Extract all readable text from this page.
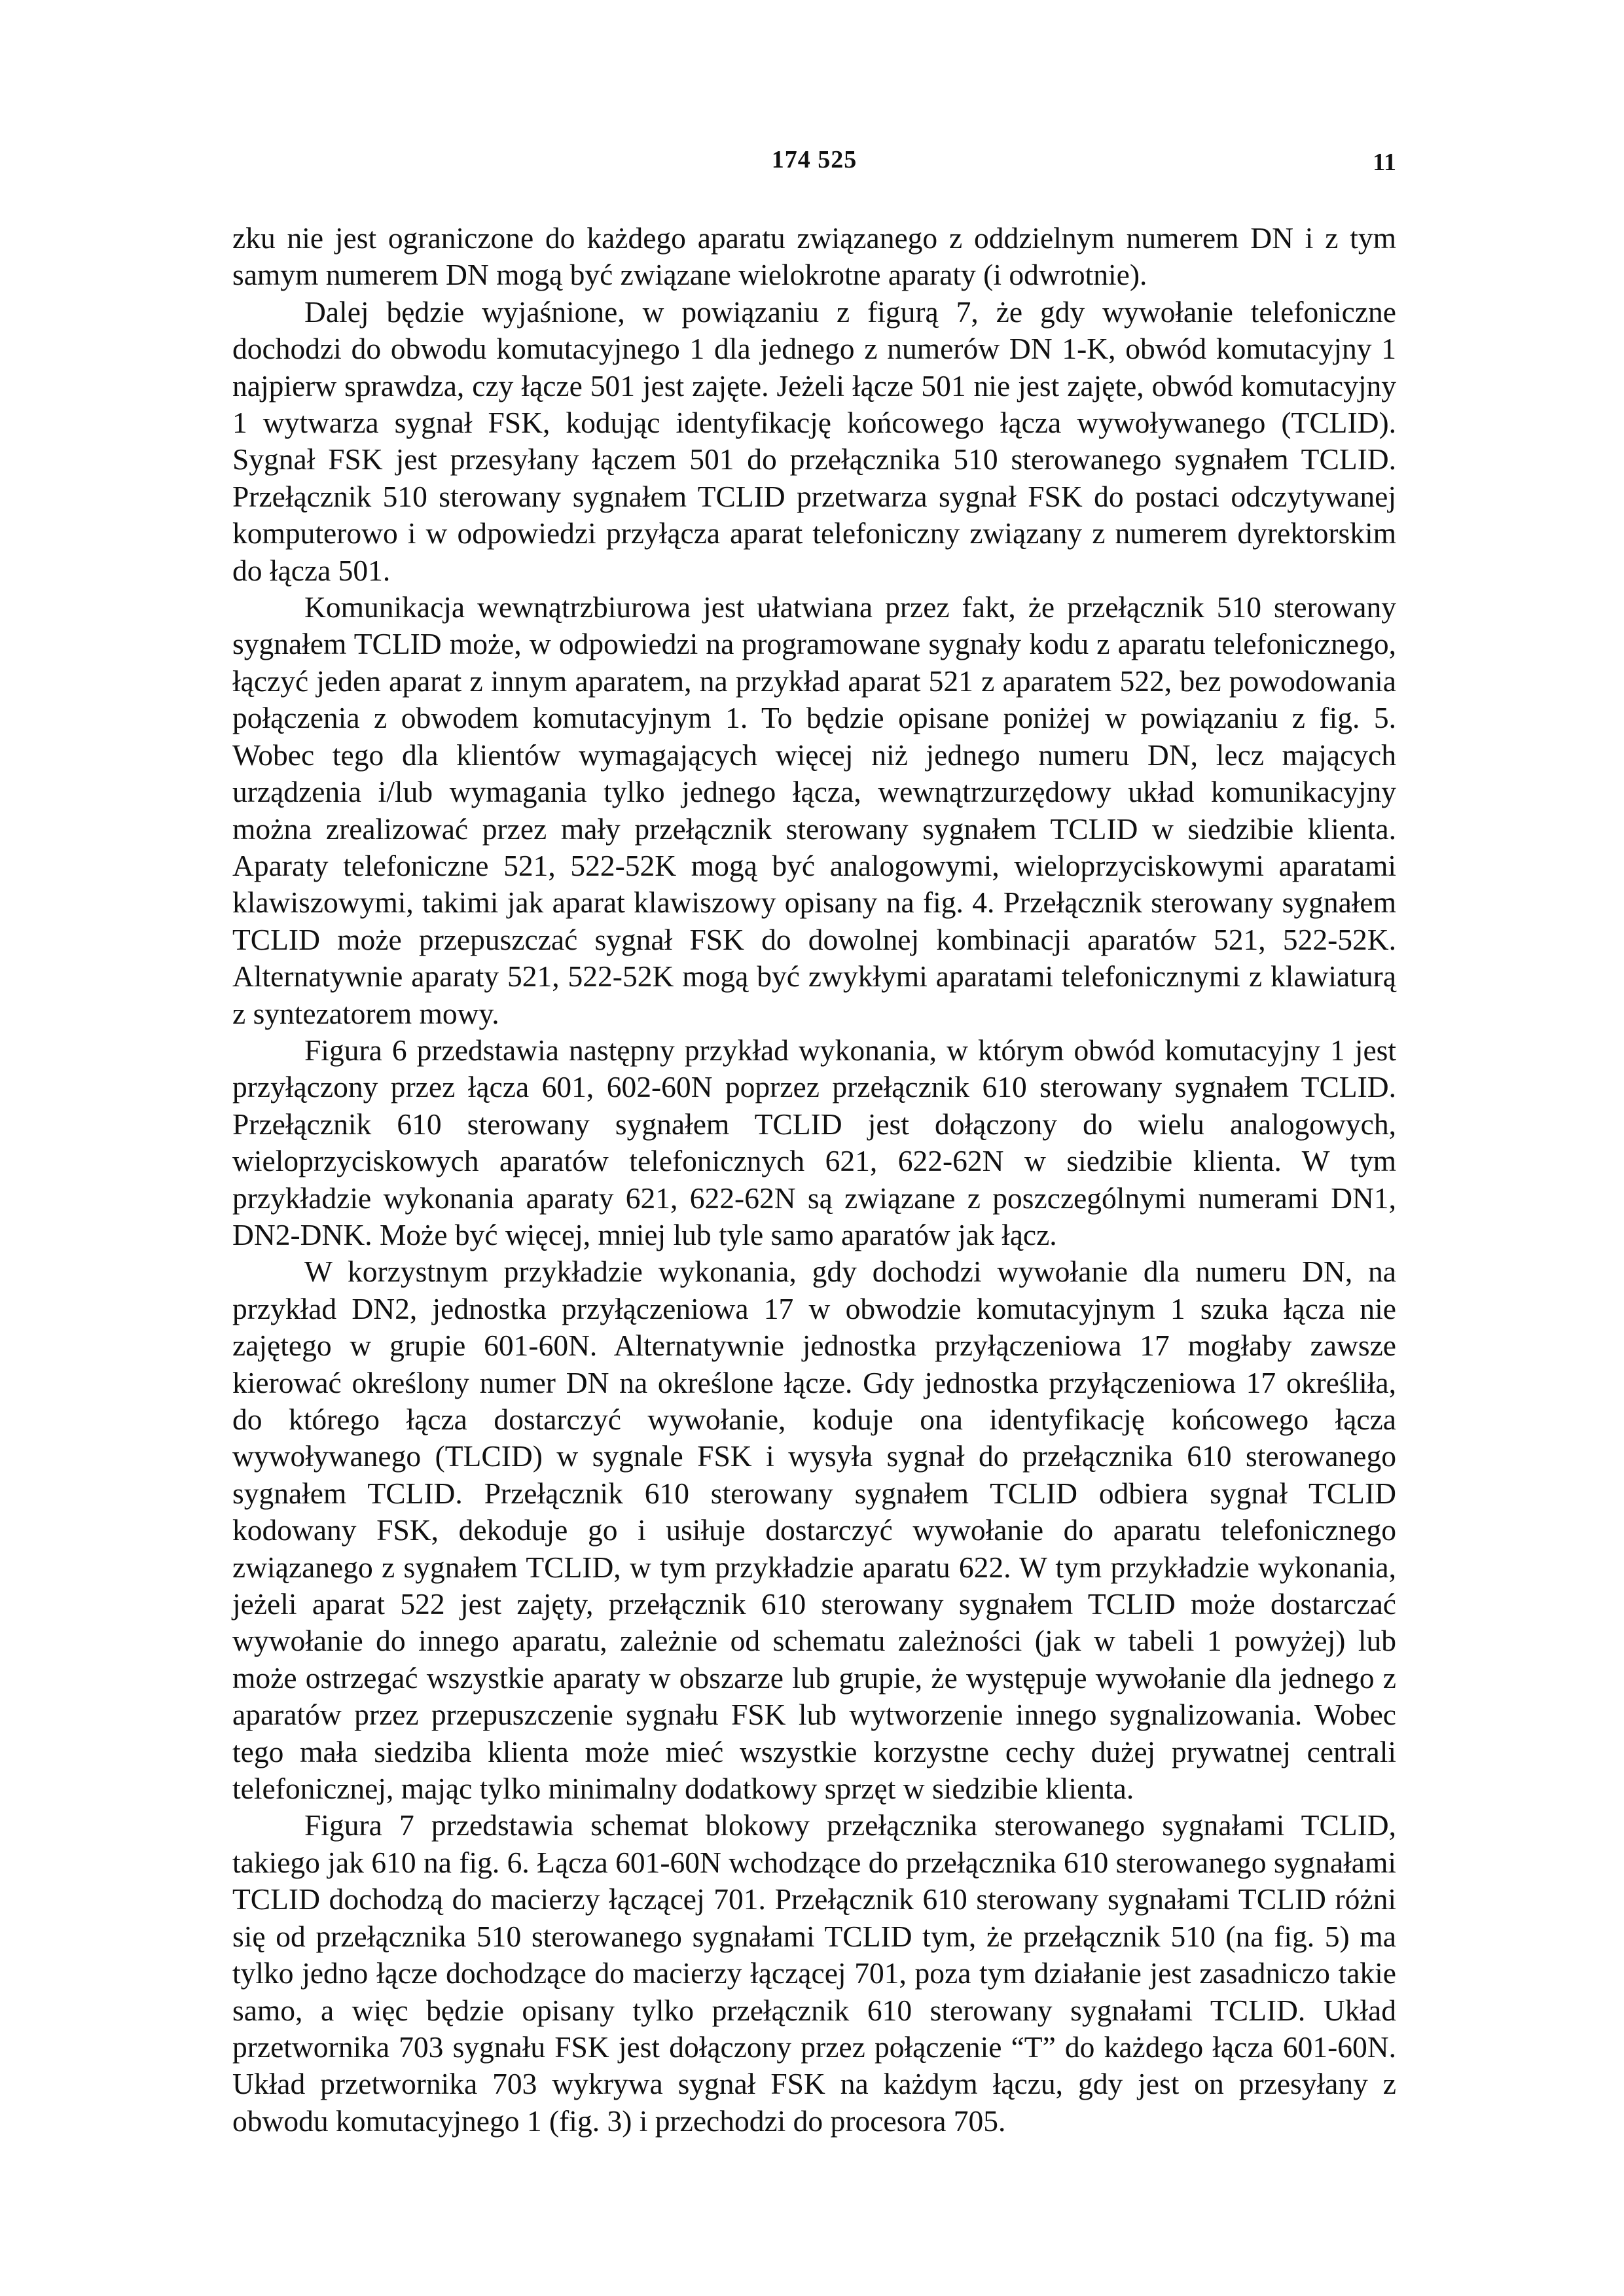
174 525	11

zku nie jest ograniczone do każdego aparatu związanego z oddzielnym numerem DN i z tym samym numerem DN mogą być związane wielokrotne aparaty (i odwrotnie).

Dalej będzie wyjaśnione, w powiązaniu z figurą 7, że gdy wywołanie telefoniczne dochodzi do obwodu komutacyjnego 1 dla jednego z numerów DN 1-K, obwód komutacyjny 1 najpierw sprawdza, czy łącze 501 jest zajęte. Jeżeli łącze 501 nie jest zajęte, obwód komutacyjny 1 wytwarza sygnał FSK, kodując identyfikację końcowego łącza wywoływanego (TCLID). Sygnał FSK jest przesyłany łączem 501 do przełącznika 510 sterowanego sygnałem TCLID. Przełącznik 510 sterowany sygnałem TCLID przetwarza sygnał FSK do postaci odczytywanej komputerowo i w odpowiedzi przyłącza aparat telefoniczny związany z numerem dyrektorskim do łącza 501.

Komunikacja wewnątrzbiurowa jest ułatwiana przez fakt, że przełącznik 510 sterowany sygnałem TCLID może, w odpowiedzi na programowane sygnały kodu z aparatu telefonicznego, łączyć jeden aparat z innym aparatem, na przykład aparat 521 z aparatem 522, bez powodowania połączenia z obwodem komutacyjnym 1. To będzie opisane poniżej w powiązaniu z fig. 5. Wobec tego dla klientów wymagających więcej niż jednego numeru DN, lecz mających urządzenia i/lub wymagania tylko jednego łącza, wewnątrzurzędowy układ komunikacyjny można zrealizować przez mały przełącznik sterowany sygnałem TCLID w siedzibie klienta. Aparaty telefoniczne 521, 522-52K mogą być analogowymi, wieloprzyciskowymi aparatami klawiszowymi, takimi jak aparat klawiszowy opisany na fig. 4. Przełącznik sterowany sygnałem TCLID może przepuszczać sygnał FSK do dowolnej kombinacji aparatów 521, 522-52K. Alternatywnie aparaty 521, 522-52K mogą być zwykłymi aparatami telefonicznymi z klawiaturą z syntezatorem mowy.

Figura 6 przedstawia następny przykład wykonania, w którym obwód komutacyjny 1 jest przyłączony przez łącza 601, 602-60N poprzez przełącznik 610 sterowany sygnałem TCLID. Przełącznik 610 sterowany sygnałem TCLID jest dołączony do wielu analogowych, wieloprzyciskowych aparatów telefonicznych 621, 622-62N w siedzibie klienta. W tym przykładzie wykonania aparaty 621, 622-62N są związane z poszczególnymi numerami DN1, DN2-DNK. Może być więcej, mniej lub tyle samo aparatów jak łącz.

W korzystnym przykładzie wykonania, gdy dochodzi wywołanie dla numeru DN, na przykład DN2, jednostka przyłączeniowa 17 w obwodzie komutacyjnym 1 szuka łącza nie zajętego w grupie 601-60N. Alternatywnie jednostka przyłączeniowa 17 mogłaby zawsze kierować określony numer DN na określone łącze. Gdy jednostka przyłączeniowa 17 określiła, do którego łącza dostarczyć wywołanie, koduje ona identyfikację końcowego łącza wywoływanego (TLCID) w sygnale FSK i wysyła sygnał do przełącznika 610 sterowanego sygnałem TCLID. Przełącznik 610 sterowany sygnałem TCLID odbiera sygnał TCLID kodowany FSK, dekoduje go i usiłuje dostarczyć wywołanie do aparatu telefonicznego związanego z sygnałem TCLID, w tym przykładzie aparatu 622. W tym przykładzie wykonania, jeżeli aparat 522 jest zajęty, przełącznik 610 sterowany sygnałem TCLID może dostarczać wywołanie do innego aparatu, zależnie od schematu zależności (jak w tabeli 1 powyżej) lub może ostrzegać wszystkie aparaty w obszarze lub grupie, że występuje wywołanie dla jednego z aparatów przez przepuszczenie sygnału FSK lub wytworzenie innego sygnalizowania. Wobec tego mała siedziba klienta może mieć wszystkie korzystne cechy dużej prywatnej centrali telefonicznej, mając tylko minimalny dodatkowy sprzęt w siedzibie klienta.

Figura 7 przedstawia schemat blokowy przełącznika sterowanego sygnałami TCLID, takiego jak 610 na fig. 6. Łącza 601-60N wchodzące do przełącznika 610 sterowanego sygnałami TCLID dochodzą do macierzy łączącej 701. Przełącznik 610 sterowany sygnałami TCLID różni się od przełącznika 510 sterowanego sygnałami TCLID tym, że przełącznik 510 (na fig. 5) ma tylko jedno łącze dochodzące do macierzy łączącej 701, poza tym działanie jest zasadniczo takie samo, a więc będzie opisany tylko przełącznik 610 sterowany sygnałami TCLID. Układ przetwornika 703 sygnału FSK jest dołączony przez połączenie “T” do każdego łącza 601-60N. Układ przetwornika 703 wykrywa sygnał FSK na każdym łączu, gdy jest on przesyłany z obwodu komutacyjnego 1 (fig. 3) i przechodzi do procesora 705.
